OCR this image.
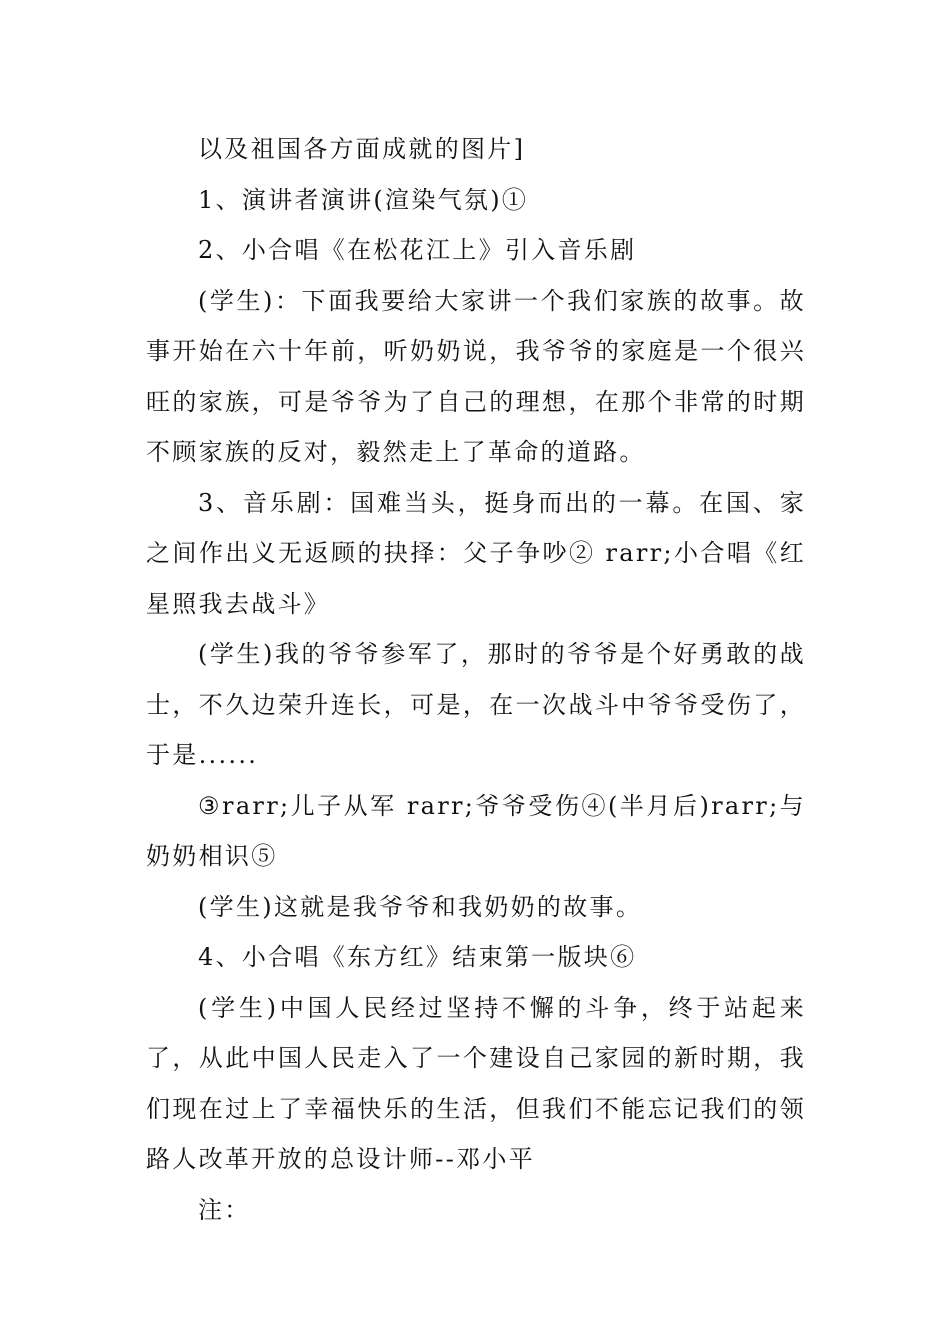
以及祖国各方面成就的图片]

1、演讲者演讲(渲染气氛)①

2、小合唱《在松花江上》引入音乐剧

(学生)：下面我要给大家讲一个我们家族的故事。故事开始在六十年前，听奶奶说，我爷爷的家庭是一个很兴旺的家族，可是爷爷为了自己的理想，在那个非常的时期不顾家族的反对，毅然走上了革命的道路。

3、音乐剧：国难当头，挺身而出的一幕。在国、家之间作出义无返顾的抉择：父子争吵② rarr;小合唱《红星照我去战斗》

(学生)我的爷爷参军了，那时的爷爷是个好勇敢的战士，不久边荣升连长，可是，在一次战斗中爷爷受伤了，于是......

③rarr;儿子从军 rarr;爷爷受伤④(半月后)rarr;与奶奶相识⑤

(学生)这就是我爷爷和我奶奶的故事。

4、小合唱《东方红》结束第一版块⑥

(学生)中国人民经过坚持不懈的斗争，终于站起来了，从此中国人民走入了一个建设自己家园的新时期，我们现在过上了幸福快乐的生活，但我们不能忘记我们的领路人改革开放的总设计师--邓小平

注：
